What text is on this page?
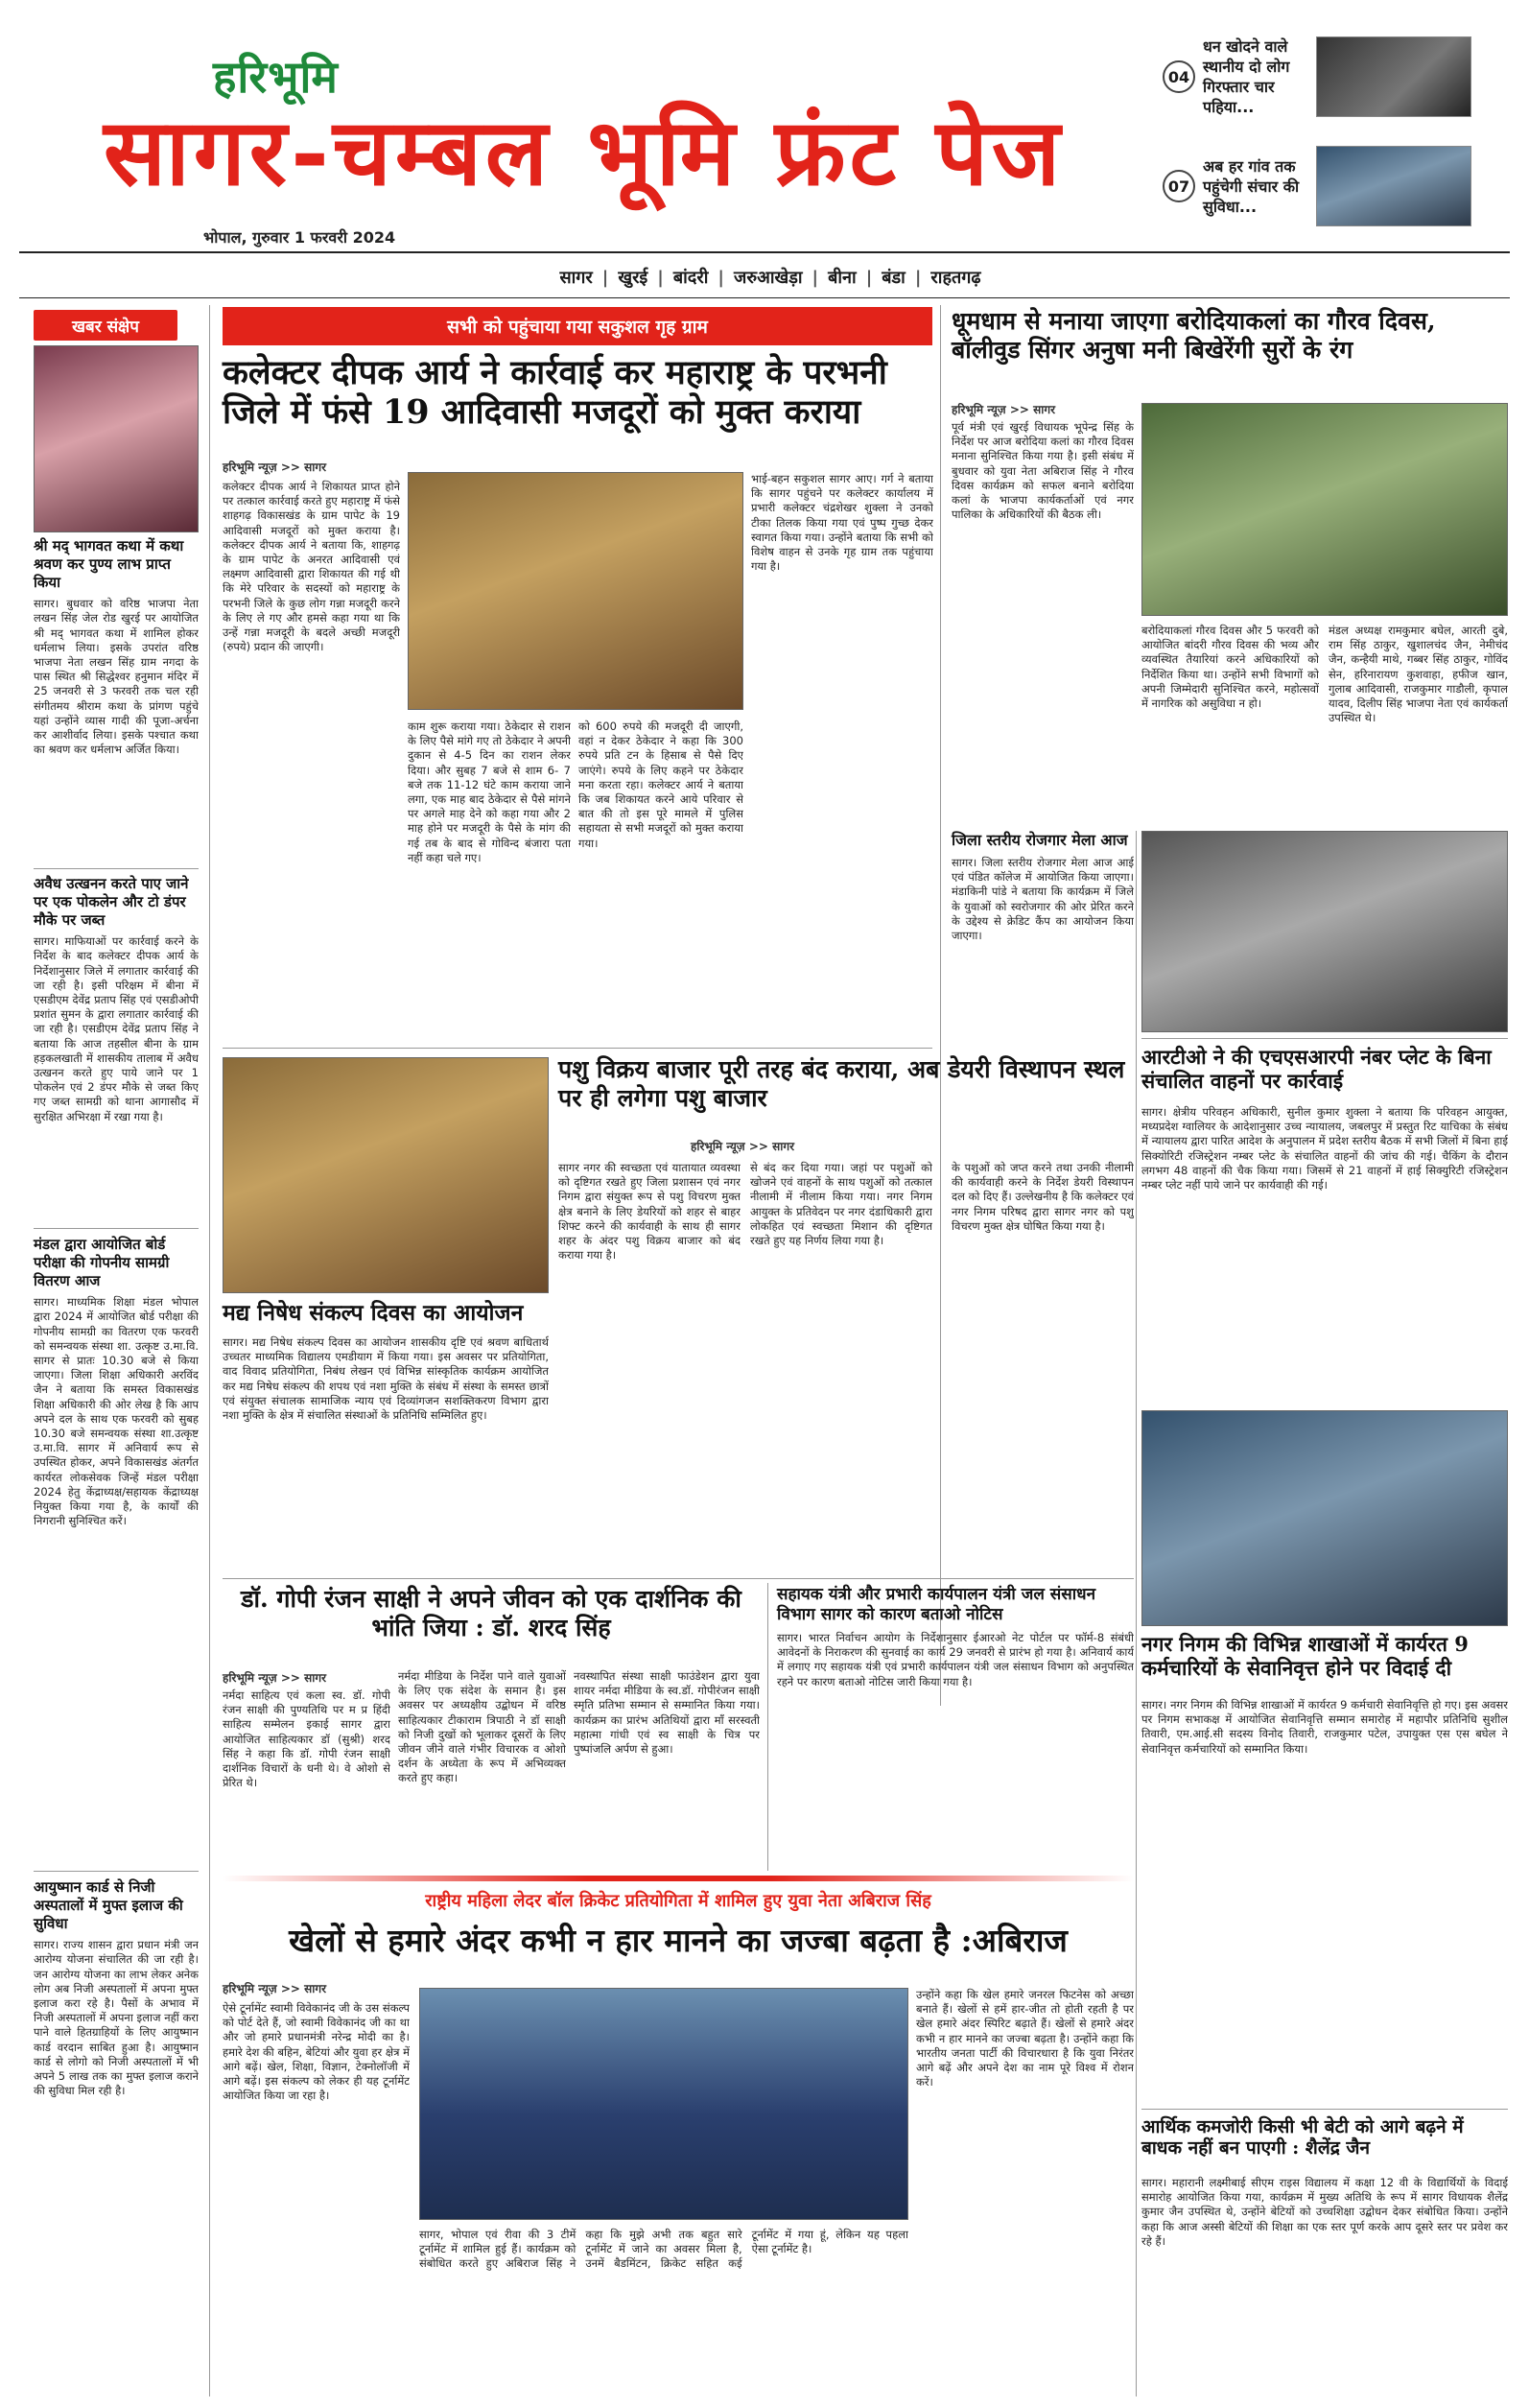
हरिभूमि
सागर-चम्बल भूमि फ्रंट पेज
भोपाल, गुरुवार 1 फरवरी 2024
04
धन खोदने वाले स्थानीय दो लोग गिरफ्तार चार पहिया...
07
अब हर गांव तक पहुंचेगी संचार की सुविधा...
सागर | खुरई | बांदरी | जरुआखेड़ा | बीना | बंडा | राहतगढ़
खबर संक्षेप
श्री मद् भागवत कथा में कथा श्रवण कर पुण्य लाभ प्राप्त किया
सागर। बुधवार को वरिष्ठ भाजपा नेता लखन सिंह जेल रोड खुरई पर आयोजित श्री मद् भागवत कथा में शामिल होकर धर्मलाभ लिया। इसके उपरांत वरिष्ठ भाजपा नेता लखन सिंह ग्राम नगदा के पास स्थित श्री सिद्धेश्वर हनुमान मंदिर में 25 जनवरी से 3 फरवरी तक चल रही संगीतमय श्रीराम कथा के प्रांगण पहुंचे यहां उन्होंने व्यास गादी की पूजा-अर्चना कर आशीर्वाद लिया। इसके पश्चात कथा का श्रवण कर धर्मलाभ अर्जित किया।
अवैध उत्खनन करते पाए जाने पर एक पोकलेन और टो डंपर मौके पर जब्त
सागर। माफियाओं पर कार्रवाई करने के निर्देश के बाद कलेक्टर दीपक आर्य के निर्देशानुसार जिले में लगातार कार्रवाई की जा रही है। इसी परिक्षम में बीना में एसडीएम देवेंद्र प्रताप सिंह एवं एसडीओपी प्रशांत सुमन के द्वारा लगातार कार्रवाई की जा रही है। एसडीएम देवेंद्र प्रताप सिंह ने बताया कि आज तहसील बीना के ग्राम हड़कलखाती में शासकीय तालाब में अवैध उत्खनन करते हुए पाये जाने पर 1 पोकलेन एवं 2 डंपर मौके से जब्त किए गए जब्त सामग्री को थाना आगासौद में सुरक्षित अभिरक्षा में रखा गया है।
मंडल द्वारा आयोजित बोर्ड परीक्षा की गोपनीय सामग्री वितरण आज
सागर। माध्यमिक शिक्षा मंडल भोपाल द्वारा 2024 में आयोजित बोर्ड परीक्षा की गोपनीय सामग्री का वितरण एक फरवरी को समन्वयक संस्था शा. उत्कृष्ट उ.मा.वि. सागर से प्रातः 10.30 बजे से किया जाएगा। जिला शिक्षा अधिकारी अरविंद जैन ने बताया कि समस्त विकासखंड शिक्षा अधिकारी की ओर लेख है कि आप अपने दल के साथ एक फरवरी को सुबह 10.30 बजे समन्वयक संस्था शा.उत्कृष्ट उ.मा.वि. सागर में अनिवार्य रूप से उपस्थित होकर, अपने विकासखंड अंतर्गत कार्यरत लोकसेवक जिन्हें मंडल परीक्षा 2024 हेतु केंद्राध्यक्ष/सहायक केंद्राध्यक्ष नियुक्त किया गया है, के कार्यों की निगरानी सुनिश्चित करें।
आयुष्मान कार्ड से निजी अस्पतालों में मुफ्त इलाज की सुविधा
सागर। राज्य शासन द्वारा प्रधान मंत्री जन आरोग्य योजना संचालित की जा रही है। जन आरोग्य योजना का लाभ लेकर अनेक लोग अब निजी अस्पतालों में अपना मुफ्त इलाज करा रहे है। पैसों के अभाव में निजी अस्पतालों में अपना इलाज नहीं करा पाने वाले हितग्राहियों के लिए आयुष्मान कार्ड वरदान साबित हुआ है। आयुष्मान कार्ड से लोगो को निजी अस्पतालों में भी अपने 5 लाख तक का मुफ्त इलाज कराने की सुविधा मिल रही है।
सभी को पहुंचाया गया सकुशल गृह ग्राम
कलेक्टर दीपक आर्य ने कार्रवाई कर महाराष्ट्र के परभनी जिले में फंसे 19 आदिवासी मजदूरों को मुक्त कराया
हरिभूमि न्यूज़ >> सागर
कलेक्टर दीपक आर्य ने शिकायत प्राप्त होने पर तत्काल कार्रवाई करते हुए महाराष्ट्र में फंसे शाहगढ़ विकासखंड के ग्राम पापेट के 19 आदिवासी मजदूरों को मुक्त कराया है। कलेक्टर दीपक आर्य ने बताया कि, शाहगढ़ के ग्राम पापेट के अनरत आदिवासी एवं लक्ष्मण आदिवासी द्वारा शिकायत की गई थी कि मेरे परिवार के सदस्यों को महाराष्ट्र के परभनी जिले के कुछ लोग गन्ना मजदूरी करने के लिए ले गए और हमसे कहा गया था कि उन्हें गन्ना मजदूरी के बदले अच्छी मजदूरी (रुपये) प्रदान की जाएगी।
काम शुरू कराया गया। ठेकेदार से राशन के लिए पैसे मांगे गए तो ठेकेदार ने अपनी दुकान से 4-5 दिन का राशन लेकर दिया। और सुबह 7 बजे से शाम 6- 7 बजे तक 11-12 घंटे काम कराया जाने लगा, एक माह बाद ठेकेदार से पैसे मांगने पर अगले माह देने को कहा गया और 2 माह होने पर मजदूरी के पैसे के मांग की गई तब के बाद से गोविन्द बंजारा पता नहीं कहा चले गए।
को 600 रुपये की मजदूरी दी जाएगी, वहां न देकर ठेकेदार ने कहा कि 300 रुपये प्रति टन के हिसाब से पैसे दिए जाएंगे। रुपये के लिए कहने पर ठेकेदार मना करता रहा। कलेक्टर आर्य ने बताया कि जब शिकायत करने आये परिवार से बात की तो इस पूरे मामले में पुलिस सहायता से सभी मजदूरों को मुक्त कराया गया।
भाई-बहन सकुशल सागर आए। गर्ग ने बताया कि सागर पहुंचने पर कलेक्टर कार्यालय में प्रभारी कलेक्टर चंद्रशेखर शुक्ला ने उनको टीका तिलक किया गया एवं पुष्प गुच्छ देकर स्वागत किया गया। उन्होंने बताया कि सभी को विशेष वाहन से उनके गृह ग्राम तक पहुंचाया गया है।
धूमधाम से मनाया जाएगा बरोदियाकलां का गौरव दिवस, बॉलीवुड सिंगर अनुषा मनी बिखेरेंगी सुरों के रंग
हरिभूमि न्यूज़ >> सागर
पूर्व मंत्री एवं खुरई विधायक भूपेन्द्र सिंह के निर्देश पर आज बरोदिया कलां का गौरव दिवस मनाना सुनिश्चित किया गया है। इसी संबंध में बुधवार को युवा नेता अबिराज सिंह ने गौरव दिवस कार्यक्रम को सफल बनाने बरोदिया कलां के भाजपा कार्यकर्ताओं एवं नगर पालिका के अधिकारियों की बैठक ली।
बरोदियाकलां गौरव दिवस और 5 फरवरी को आयोजित बांदरी गौरव दिवस की भव्य और व्यवस्थित तैयारियां करने अधिकारियों को निर्देशित किया था। उन्होंने सभी विभागों को अपनी जिम्मेदारी सुनिश्चित करने, महोत्सवों में नागरिक को असुविधा न हो।
मंडल अध्यक्ष रामकुमार बघेल, आरती दुबे, राम सिंह ठाकुर, खुशालचंद जैन, नेमीचंद जैन, कन्हैयी माथे, गब्बर सिंह ठाकुर, गोविंद सेन, हरिनारायण कुशवाहा, हफीज खान, गुलाब आदिवासी, राजकुमार गाडौली, कृपाल यादव, दिलीप सिंह भाजपा नेता एवं कार्यकर्ता उपस्थित थे।
जिला स्तरीय रोजगार मेला आज
सागर। जिला स्तरीय रोजगार मेला आज आई एवं पंडित कॉलेज में आयोजित किया जाएगा। मंडाकिनी पांडे ने बताया कि कार्यक्रम में जिले के युवाओं को स्वरोजगार की ओर प्रेरित करने के उद्देश्य से क्रेडिट कैंप का आयोजन किया जाएगा।
आरटीओ ने की एचएसआरपी नंबर प्लेट के बिना संचालित वाहनों पर कार्रवाई
सागर। क्षेत्रीय परिवहन अधिकारी, सुनील कुमार शुक्ला ने बताया कि परिवहन आयुक्त, मध्यप्रदेश ग्वालियर के आदेशानुसार उच्च न्यायालय, जबलपुर में प्रस्तुत रिट याचिका के संबंध में न्यायालय द्वारा पारित आदेश के अनुपालन में प्रदेश स्तरीय बैठक में सभी जिलों में बिना हाई सिक्योरिटी रजिस्ट्रेशन नम्बर प्लेट के संचालित वाहनों की जांच की गई। चैकिंग के दौरान लगभग 48 वाहनों की चैक किया गया। जिसमें से 21 वाहनों में हाई सिक्युरिटी रजिस्ट्रेशन नम्बर प्लेट नहीं पाये जाने पर कार्यवाही की गई।
नगर निगम की विभिन्न शाखाओं में कार्यरत 9 कर्मचारियों के सेवानिवृत्त होने पर विदाई दी
सागर। नगर निगम की विभिन्न शाखाओं में कार्यरत 9 कर्मचारी सेवानिवृत्ति हो गए। इस अवसर पर निगम सभाकक्ष में आयोजित सेवानिवृत्ति सम्मान समारोह में महापौर प्रतिनिधि सुशील तिवारी, एम.आई.सी सदस्य विनोद तिवारी, राजकुमार पटेल, उपायुक्त एस एस बघेल ने सेवानिवृत्त कर्मचारियों को सम्मानित किया।
आर्थिक कमजोरी किसी भी बेटी को आगे बढ़ने में बाधक नहीं बन पाएगी : शैलेंद्र जैन
सागर। महारानी लक्ष्मीबाई सीएम राइस विद्यालय में कक्षा 12 वी के विद्यार्थियों के विदाई समारोह आयोजित किया गया, कार्यक्रम में मुख्य अतिथि के रूप में सागर विधायक शैलेंद्र कुमार जैन उपस्थित थे, उन्होंने बेटियों को उच्चशिक्षा उद्बोधन देकर संबोधित किया। उन्होंने कहा कि आज अस्सी बेटियों की शिक्षा का एक स्तर पूर्ण करके आप दूसरे स्तर पर प्रवेश कर रहे हैं।
पशु विक्रय बाजार पूरी तरह बंद कराया, अब डेयरी विस्थापन स्थल पर ही लगेगा पशु बाजार
हरिभूमि न्यूज़ >> सागर
सागर नगर की स्वच्छता एवं यातायात व्यवस्था को दृष्टिगत रखते हुए जिला प्रशासन एवं नगर निगम द्वारा संयुक्त रूप से पशु विचरण मुक्त क्षेत्र बनाने के लिए डेयरियों को शहर से बाहर शिफ्ट करने की कार्यवाही के साथ ही सागर शहर के अंदर पशु विक्रय बाजार को बंद कराया गया है।
से बंद कर दिया गया। जहां पर पशुओं को खोजने एवं वाहनों के साथ पशुओं को तत्काल नीलामी में नीलाम किया गया। नगर निगम आयुक्त के प्रतिवेदन पर नगर दंडाधिकारी द्वारा लोकहित एवं स्वच्छता मिशान की दृष्टिगत रखते हुए यह निर्णय लिया गया है।
के पशुओं को जप्त करने तथा उनकी नीलामी की कार्यवाही करने के निर्देश डेयरी विस्थापन दल को दिए हैं। उल्लेखनीय है कि कलेक्टर एवं नगर निगम परिषद द्वारा सागर नगर को पशु विचरण मुक्त क्षेत्र घोषित किया गया है।
मद्य निषेध संकल्प दिवस का आयोजन
सागर। मद्य निषेध संकल्प दिवस का आयोजन शासकीय दृष्टि एवं श्रवण बाधितार्थ उच्चतर माध्यमिक विद्यालय एमडीयाग में किया गया। इस अवसर पर प्रतियोगिता, वाद विवाद प्रतियोगिता, निबंध लेखन एवं विभिन्न सांस्कृतिक कार्यक्रम आयोजित कर मद्य निषेध संकल्प की शपथ एवं नशा मुक्ति के संबंध में संस्था के समस्त छात्रों एवं संयुक्त संचालक सामाजिक न्याय एवं दिव्यांगजन सशक्तिकरण विभाग द्वारा नशा मुक्ति के क्षेत्र में संचालित संस्थाओं के प्रतिनिधि सम्मिलित हुए।
डॉ. गोपी रंजन साक्षी ने अपने जीवन को एक दार्शनिक की भांति जिया : डॉ. शरद सिंह
हरिभूमि न्यूज़ >> सागर
नर्मदा साहित्य एवं कला स्व. डॉ. गोपी रंजन साक्षी की पुण्यतिथि पर म प्र हिंदी साहित्य सम्मेलन इकाई सागर द्वारा आयोजित साहित्यकार डॉ (सुश्री) शरद सिंह ने कहा कि डॉ. गोपी रंजन साक्षी दार्शनिक विचारों के धनी थे। वे ओशो से प्रेरित थे।
नर्मदा मीडिया के निर्देश पाने वाले युवाओं के लिए एक संदेश के समान है। इस अवसर पर अध्यक्षीय उद्बोधन में वरिष्ठ साहित्यकार टीकाराम त्रिपाठी ने डॉ साक्षी को निजी दुखों को भूलाकर दूसरों के लिए जीवन जीने वाले गंभीर विचारक व ओशो दर्शन के अध्येता के रूप में अभिव्यक्त करते हुए कहा।
नवस्थापित संस्था साक्षी फाउंडेशन द्वारा युवा शायर नर्मदा मीडिया के स्व.डॉ. गोपीरंजन साक्षी स्मृति प्रतिभा सम्मान से सम्मानित किया गया। कार्यक्रम का प्रारंभ अतिथियों द्वारा माँ सरस्वती महात्मा गांधी एवं स्व साक्षी के चित्र पर पुष्पांजलि अर्पण से हुआ।
सहायक यंत्री और प्रभारी कार्यपालन यंत्री जल संसाधन विभाग सागर को कारण बताओ नोटिस
सागर। भारत निर्वाचन आयोग के निर्देशानुसार ईआरओ नेट पोर्टल पर फॉर्म-8 संबंधी आवेदनों के निराकरण की सुनवाई का कार्य 29 जनवरी से प्रारंभ हो गया है। अनिवार्य कार्य में लगाए गए सहायक यंत्री एवं प्रभारी कार्यपालन यंत्री जल संसाधन विभाग को अनुपस्थित रहने पर कारण बताओ नोटिस जारी किया गया है।
राष्ट्रीय महिला लेदर बॉल क्रिकेट प्रतियोगिता में शामिल हुए युवा नेता अबिराज सिंह
खेलों से हमारे अंदर कभी न हार मानने का जज्बा बढ़ता है :अबिराज
हरिभूमि न्यूज़ >> सागर
ऐसे टूर्नामेंट स्वामी विवेकानंद जी के उस संकल्प को पोर्ट देते हैं, जो स्वामी विवेकानंद जी का था और जो हमारे प्रधानमंत्री नरेन्द्र मोदी का है। हमारे देश की बहिन, बेटियां और युवा हर क्षेत्र में आगे बढ़ें। खेल, शिक्षा, विज्ञान, टेक्नोलॉजी में आगे बढ़ें। इस संकल्प को लेकर ही यह टूर्नामेंट आयोजित किया जा रहा है।
उन्होंने कहा कि खेल हमारे जनरल फिटनेस को अच्छा बनाते हैं। खेलों से हमें हार-जीत तो होती रहती है पर खेल हमारे अंदर स्पिरिट बढ़ाते हैं। खेलों से हमारे अंदर कभी न हार मानने का जज्बा बढ़ता है। उन्होंने कहा कि भारतीय जनता पार्टी की विचारधारा है कि युवा निरंतर आगे बढ़ें और अपने देश का नाम पूरे विश्व में रोशन करें।
सागर, भोपाल एवं रीवा की 3 टीमें टूर्नामेंट में शामिल हुई हैं। कार्यक्रम को संबोधित करते हुए अबिराज सिंह ने कहा कि मुझे अभी तक बहुत सारे टूर्नामेंट में जाने का अवसर मिला है, उनमें बैडमिंटन, क्रिकेट सहित कई टूर्नामेंट में गया हूं, लेकिन यह पहला ऐसा टूर्नामेंट है।
